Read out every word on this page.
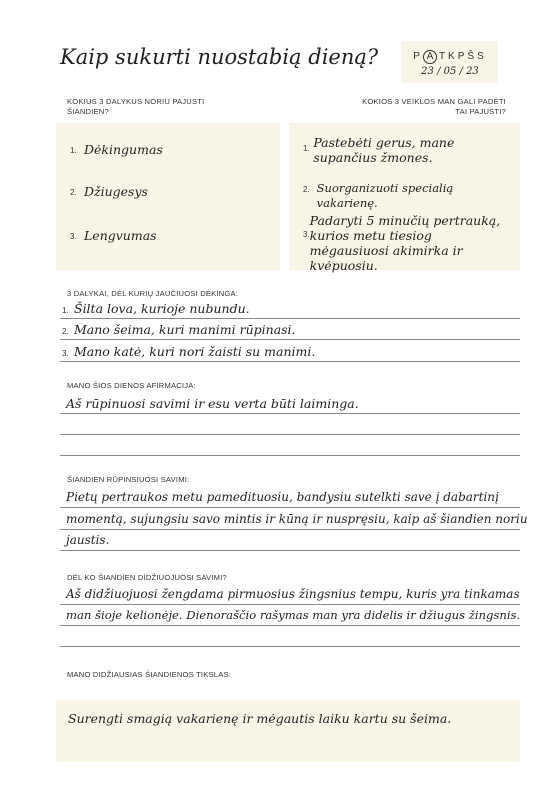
Kaip sukurti nuostabią dieną?	P A TKPŠS
23 / 05 / 23
KOKIUS 3 DALYKUS NORIU PAJUSTI ŠIANDIEN?
KOKIOS 3 VEIKLOS MAN GALI PADĖTI
TAI PAJUSTI?
1. Dėkingumas
2. Džiugesys
3. Lengvumas
1. Pastebėti gerus, mane supančius žmones.
2. Suorganizuoti specialią vakarienę.
3.
Padaryti 5 minučių pertrauką, kurios metu tiesiog mėgausiuosi akimirka ir kvėpuosiu.
3 DALYKAI, DĖL KURIŲ JAUČIUOSI DĖKINGA:
1. Šilta lova, kurioje nubundu.
2. Mano šeima, kuri manimi rūpinasi.
3. Mano katė, kuri nori žaisti su manimi.
MANO ŠIOS DIENOS AFIRMACIJA:
Aš rūpinuosi savimi ir esu verta būti laiminga.
ŠIANDIEN RŪPINSIUOSI SAVIMI:
Pietų pertraukos metu pamedituosiu, bandysiu sutelkti save į dabartinį
momentą, sujungsiu savo mintis ir kūną ir nuspręsiu, kaip aš šiandien noriu
jaustis.
DĖL KO ŠIANDIEN DIDŽIUOJUOSI SAVIMI?
Aš didžiuojuosi žengdama pirmuosius žingsnius tempu, kuris yra tinkamas
man šioje kelionėje. Dienoraščio rašymas man yra didelis ir džiugus žingsnis.
MANO DIDŽIAUSIAS ŠIANDIENOS TIKSLAS:
Surengti smagią vakarienę ir mėgautis laiku kartu su šeima.
